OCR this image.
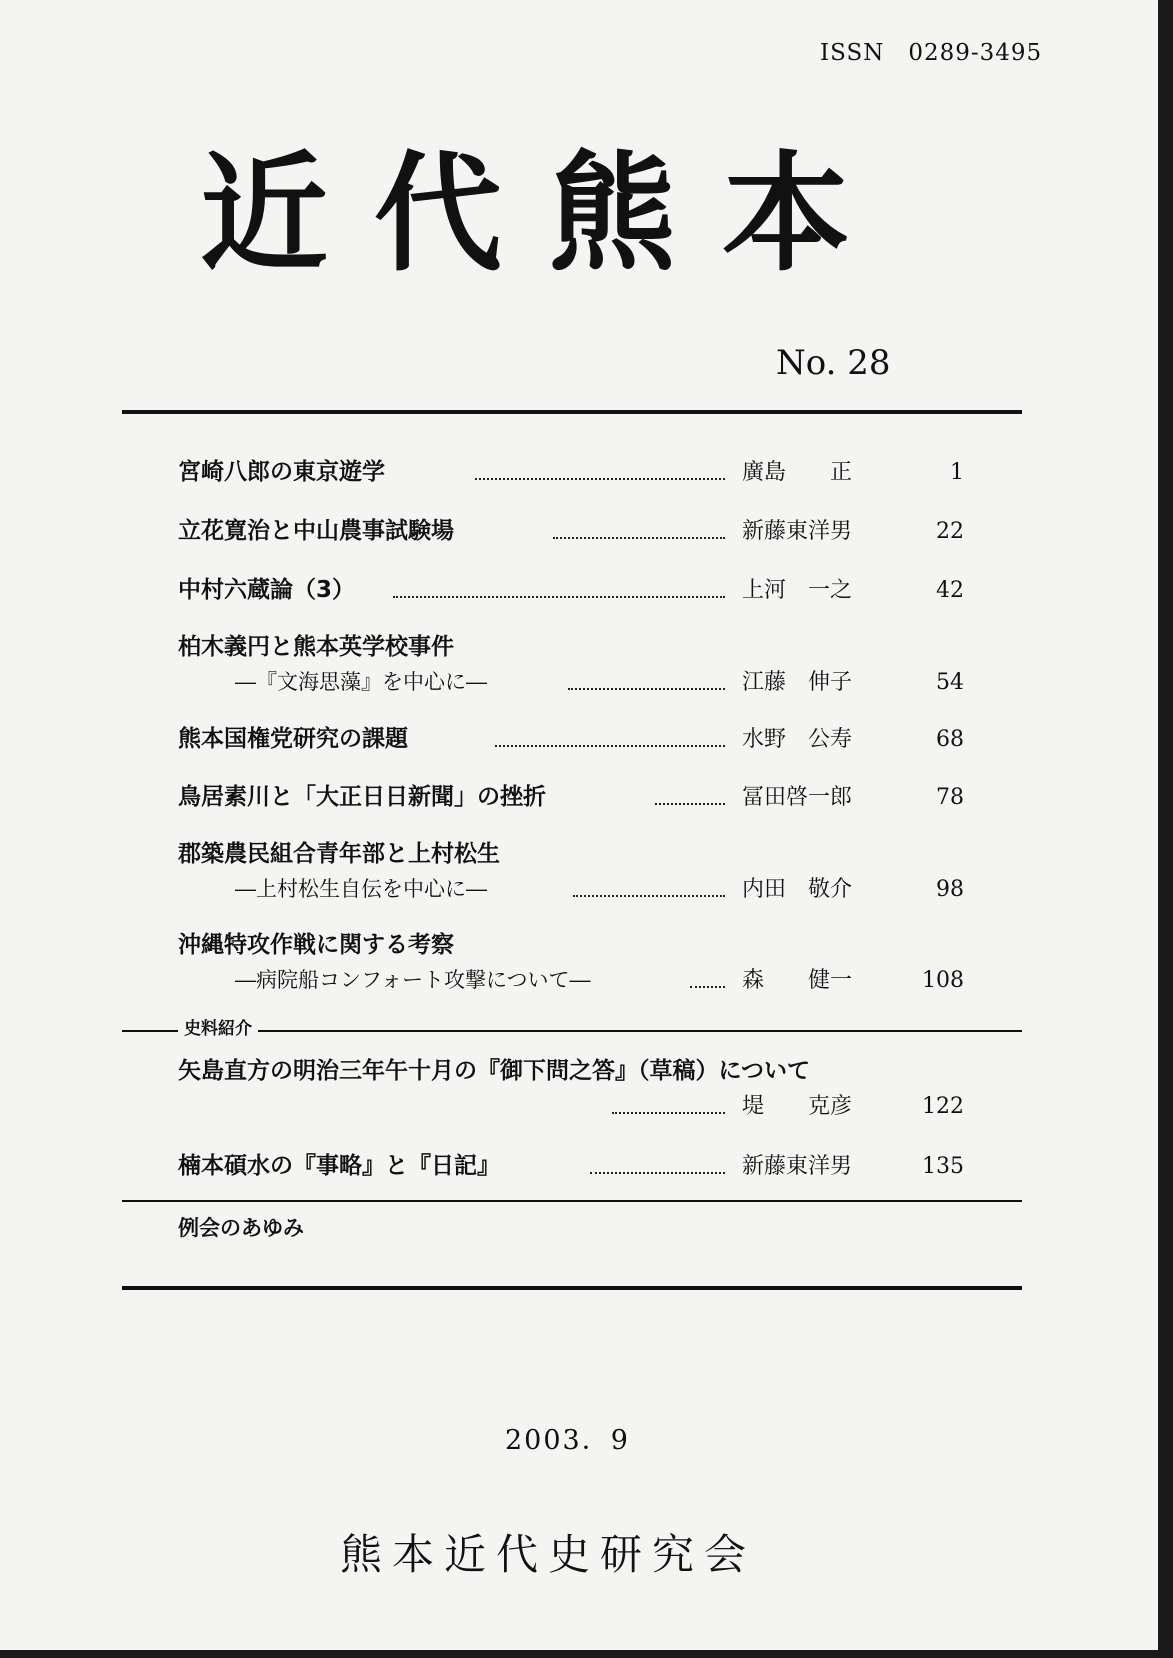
ISSN　0289-3495
近代熊本
No. 28
宮崎八郎の東京遊学	廣島　　正	1
立花寛治と中山農事試験場	新藤東洋男	22
中村六蔵論（3）	上河　一之	42
柏木義円と熊本英学校事件
―『文海思藻』を中心に―	江藤　伸子	54
熊本国権党研究の課題	水野　公寿	68
鳥居素川と「大正日日新聞」の挫折	冨田啓一郎	78
郡築農民組合青年部と上村松生
―上村松生自伝を中心に―	内田　敬介	98
沖縄特攻作戦に関する考察
―病院船コンフォート攻撃について―	森　　健一	108
史料紹介
矢島直方の明治三年午十月の『御下問之答』（草稿）について
堤　　克彦	122
楠本碩水の『事略』と『日記』	新藤東洋男	135
例会のあゆみ
2003．9
熊本近代史研究会
